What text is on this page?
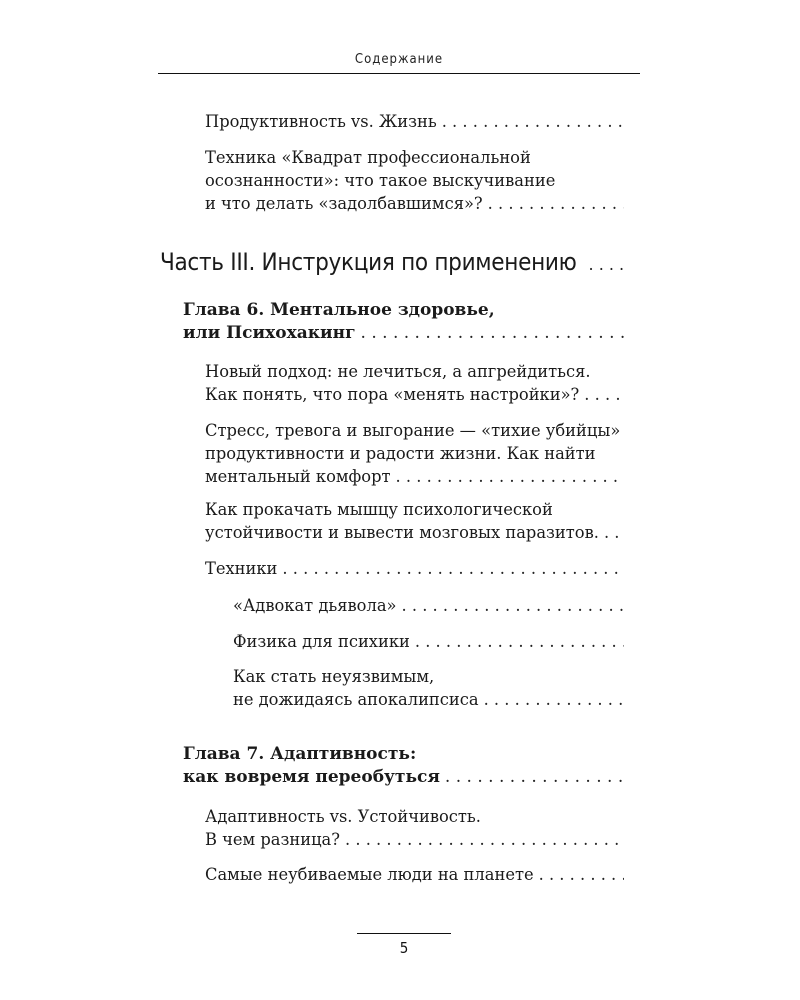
Содержание
Продуктивность vs. Жизнь
. . .
Техника «Квадрат профессиональной
осознанности»: что такое выскучивание
и что делать «задолбавшимся»?
. . .
Часть III. Инструкция по применению
. . .
Глава 6. Ментальное здоровье,
или Психохакинг
. . .
Новый подход: не лечиться, а апгрейдиться.
Как понять, что пора «менять настройки»?
. . .
Стресс, тревога и выгорание — «тихие убийцы»
продуктивности и радости жизни. Как найти
ментальный комфорт
. . .
Как прокачать мышцу психологической
устойчивости и вывести мозговых паразитов.
. . .
Техники
. . .
«Адвокат дьявола»
. . .
Физика для психики
. . .
Как стать неуязвимым,
не дожидаясь апокалипсиса
. . .
Глава 7. Адаптивность:
как вовремя переобуться
. . .
Адаптивность vs. Устойчивость.
В чем разница?
. . .
Самые неубиваемые люди на планете
. . .
5
